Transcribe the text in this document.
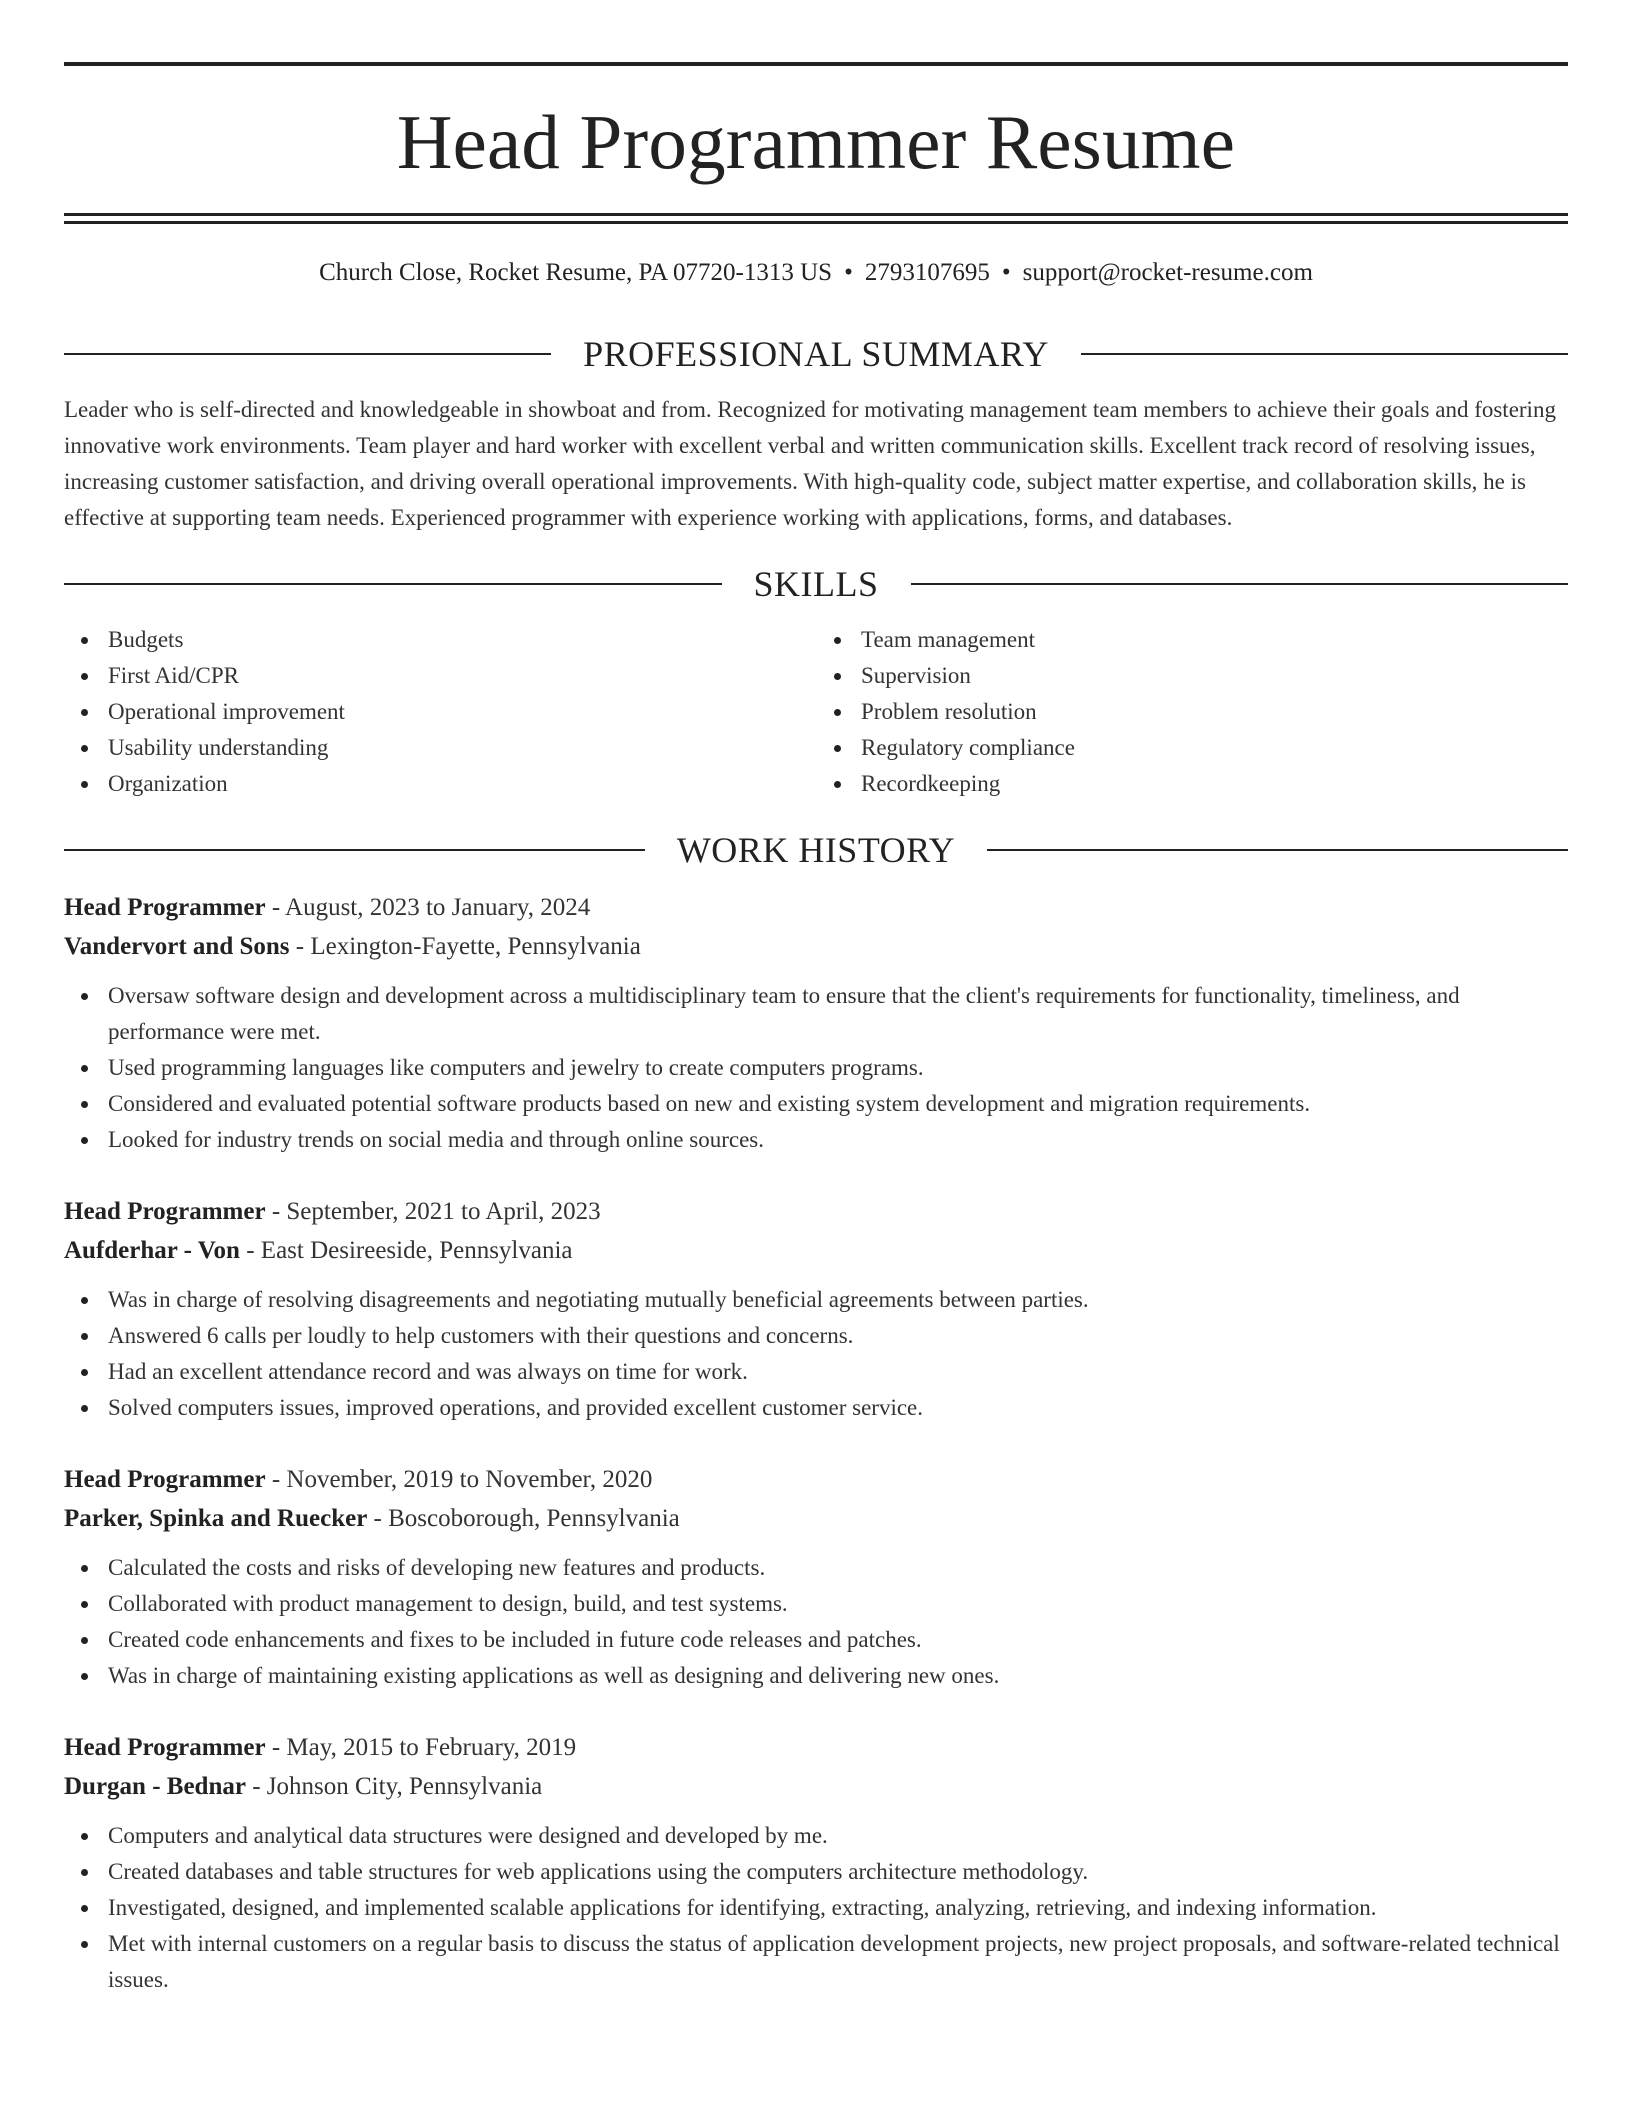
Head Programmer Resume
Church Close, Rocket Resume, PA 07720-1313 US • 2793107695 • support@rocket-resume.com
PROFESSIONAL SUMMARY

Leader who is self-directed and knowledgeable in showboat and from. Recognized for motivating management team members to achieve their goals and fostering innovative work environments. Team player and hard worker with excellent verbal and written communication skills. Excellent track record of resolving issues, increasing customer satisfaction, and driving overall operational improvements. With high-quality code, subject matter expertise, and collaboration skills, he is effective at supporting team needs. Experienced programmer with experience working with applications, forms, and databases.

SKILLS
Budgets
First Aid/CPR
Operational improvement
Usability understanding
Organization
Team management
Supervision
Problem resolution
Regulatory compliance
Recordkeeping
WORK HISTORY
Head Programmer - August, 2023 to January, 2024
Vandervort and Sons - Lexington-Fayette, Pennsylvania
Oversaw software design and development across a multidisciplinary team to ensure that the client's requirements for functionality, timeliness, and performance were met.
Used programming languages like computers and jewelry to create computers programs.
Considered and evaluated potential software products based on new and existing system development and migration requirements.
Looked for industry trends on social media and through online sources.
Head Programmer - September, 2021 to April, 2023
Aufderhar - Von - East Desireeside, Pennsylvania
Was in charge of resolving disagreements and negotiating mutually beneficial agreements between parties.
Answered 6 calls per loudly to help customers with their questions and concerns.
Had an excellent attendance record and was always on time for work.
Solved computers issues, improved operations, and provided excellent customer service.
Head Programmer - November, 2019 to November, 2020
Parker, Spinka and Ruecker - Boscoborough, Pennsylvania
Calculated the costs and risks of developing new features and products.
Collaborated with product management to design, build, and test systems.
Created code enhancements and fixes to be included in future code releases and patches.
Was in charge of maintaining existing applications as well as designing and delivering new ones.
Head Programmer - May, 2015 to February, 2019
Durgan - Bednar - Johnson City, Pennsylvania
Computers and analytical data structures were designed and developed by me.
Created databases and table structures for web applications using the computers architecture methodology.
Investigated, designed, and implemented scalable applications for identifying, extracting, analyzing, retrieving, and indexing information.
Met with internal customers on a regular basis to discuss the status of application development projects, new project proposals, and software-related technical issues.
